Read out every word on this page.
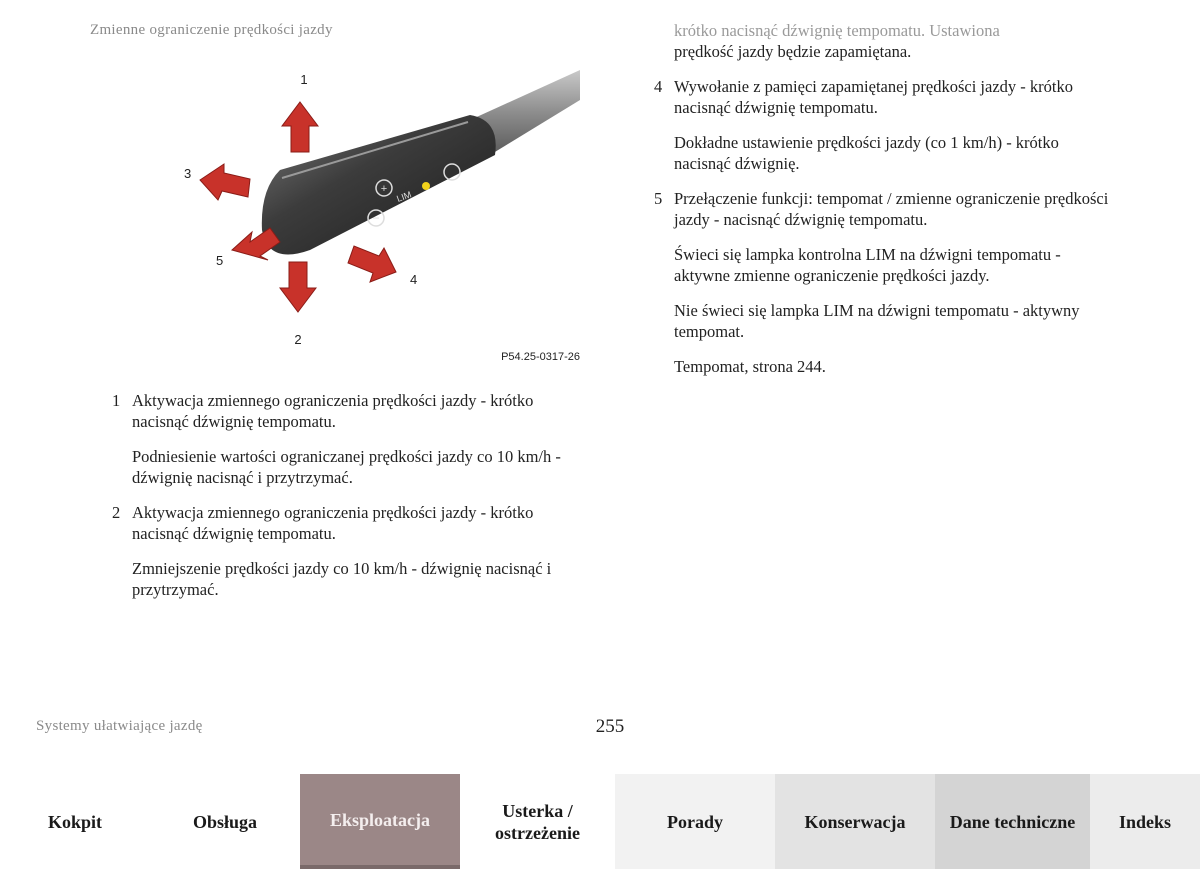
Zmienne ograniczenie prędkości jazdy
+
−
LIM
1
2
3
4
5
P54.25-0317-26
1 Aktywacja zmiennego ograniczenia prędkości jazdy - krótko nacisnąć dźwignię tempomatu.

Podniesienie wartości ograniczanej prędkości jazdy co 10 km/h - dźwignię nacisnąć i przytrzymać.

2 Aktywacja zmiennego ograniczenia prędkości jazdy - krótko nacisnąć dźwignię tempomatu.

Zmniejszenie prędkości jazdy co 10 km/h - dźwignię nacisnąć i przytrzymać.

krótko nacisnąć dźwignię tempomatu. Ustawiona

prędkość jazdy będzie zapamiętana.

4 Wywołanie z pamięci zapamiętanej prędkości jazdy - krótko nacisnąć dźwignię tempomatu.

Dokładne ustawienie prędkości jazdy (co 1 km/h) - krótko nacisnąć dźwignię.

5 Przełączenie funkcji: tempomat / zmienne ograniczenie prędkości jazdy - nacisnąć dźwignię tempomatu.

Świeci się lampka kontrolna LIM na dźwigni tempomatu - aktywne zmienne ograniczenie prędkości jazdy.

Nie świeci się lampka LIM na dźwigni tempomatu - aktywny tempomat.

Tempomat, strona 244.

Systemy ułatwiające jazdę	255
Kokpit	Obsługa	Eksploatacja	Usterka / ostrzeżenie
Porady	Konserwacja	Dane techniczne	Indeks
